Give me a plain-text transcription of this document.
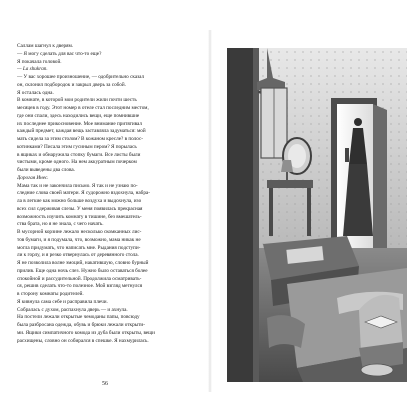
Саллам шагнул к дверям.
— Я могу сделать для вас что-то еще?
Я покачала головой.
— La shukran.
— У вас хорошее произношение, — одобрительно сказал
он, склонил подбородок и закрыл дверь за собой.
Я осталась одна.
В комнате, в которой мои родители жили почти шесть
месяцев в году. Этот номер в отеле стал последним местом,
где они спали, здесь находились вещи, еще помнившие
их последнее прикосновение. Мое внимание притягивал
каждый предмет, каждая вещь заставляла задуматься: мой
мать сидела за этим столом? В кожаном кресле? в полос-
котинками? Писала этим гусиным пером? Я порылась
в ящиках и обнаружила стопку бумаги. Все листы были
чистыми, кроме одного. На нем аккуратным почерком
были выведены два слова.
Дорогая Инес.
Мама так и не закончила письмо. Я так и не узнаю по-
следние слова своей матери. Я судорожно вздохнула, набра-
ла в легкие как можно больше воздуха и выдохнула, изо
всех сил сдерживая слезы. У меня появилась прекрасная
возможность изучить комнату в тишине, без вмешатель-
ства брата, но я не знала, с чего начать.
В мусорной корзине лежало несколько скомканных лис-
тов бумаги, и я подумала, что, возможно, мама никак не
могла придумать, что написать мне. Рыдания подступи-
ли к горлу, и я резко отвернулась от деревянного стола.
Я не позволила волне эмоций, накатившую, словно бурный
прилив. Еще одна ночь слез. Нужно было оставаться более
спокойной и рассудительной. Продолжила осматривать-
ся, решив сделать что-то полезное. Мой взгляд метнулся
в сторону комнаты родителей.
Я кивнула сама себе и расправила плечи.
Собралась с духом, распахнула дверь — и ахнула.
На постели лежали открытые чемоданы папы, повсюду
была разбросана одежда, обувь и брюки лежали открыти-
ми. Ящики симпатичного комода из дуба были открыты, вещи
расхищены, словно он собирался в спешке. Я нахмурилась.
56
